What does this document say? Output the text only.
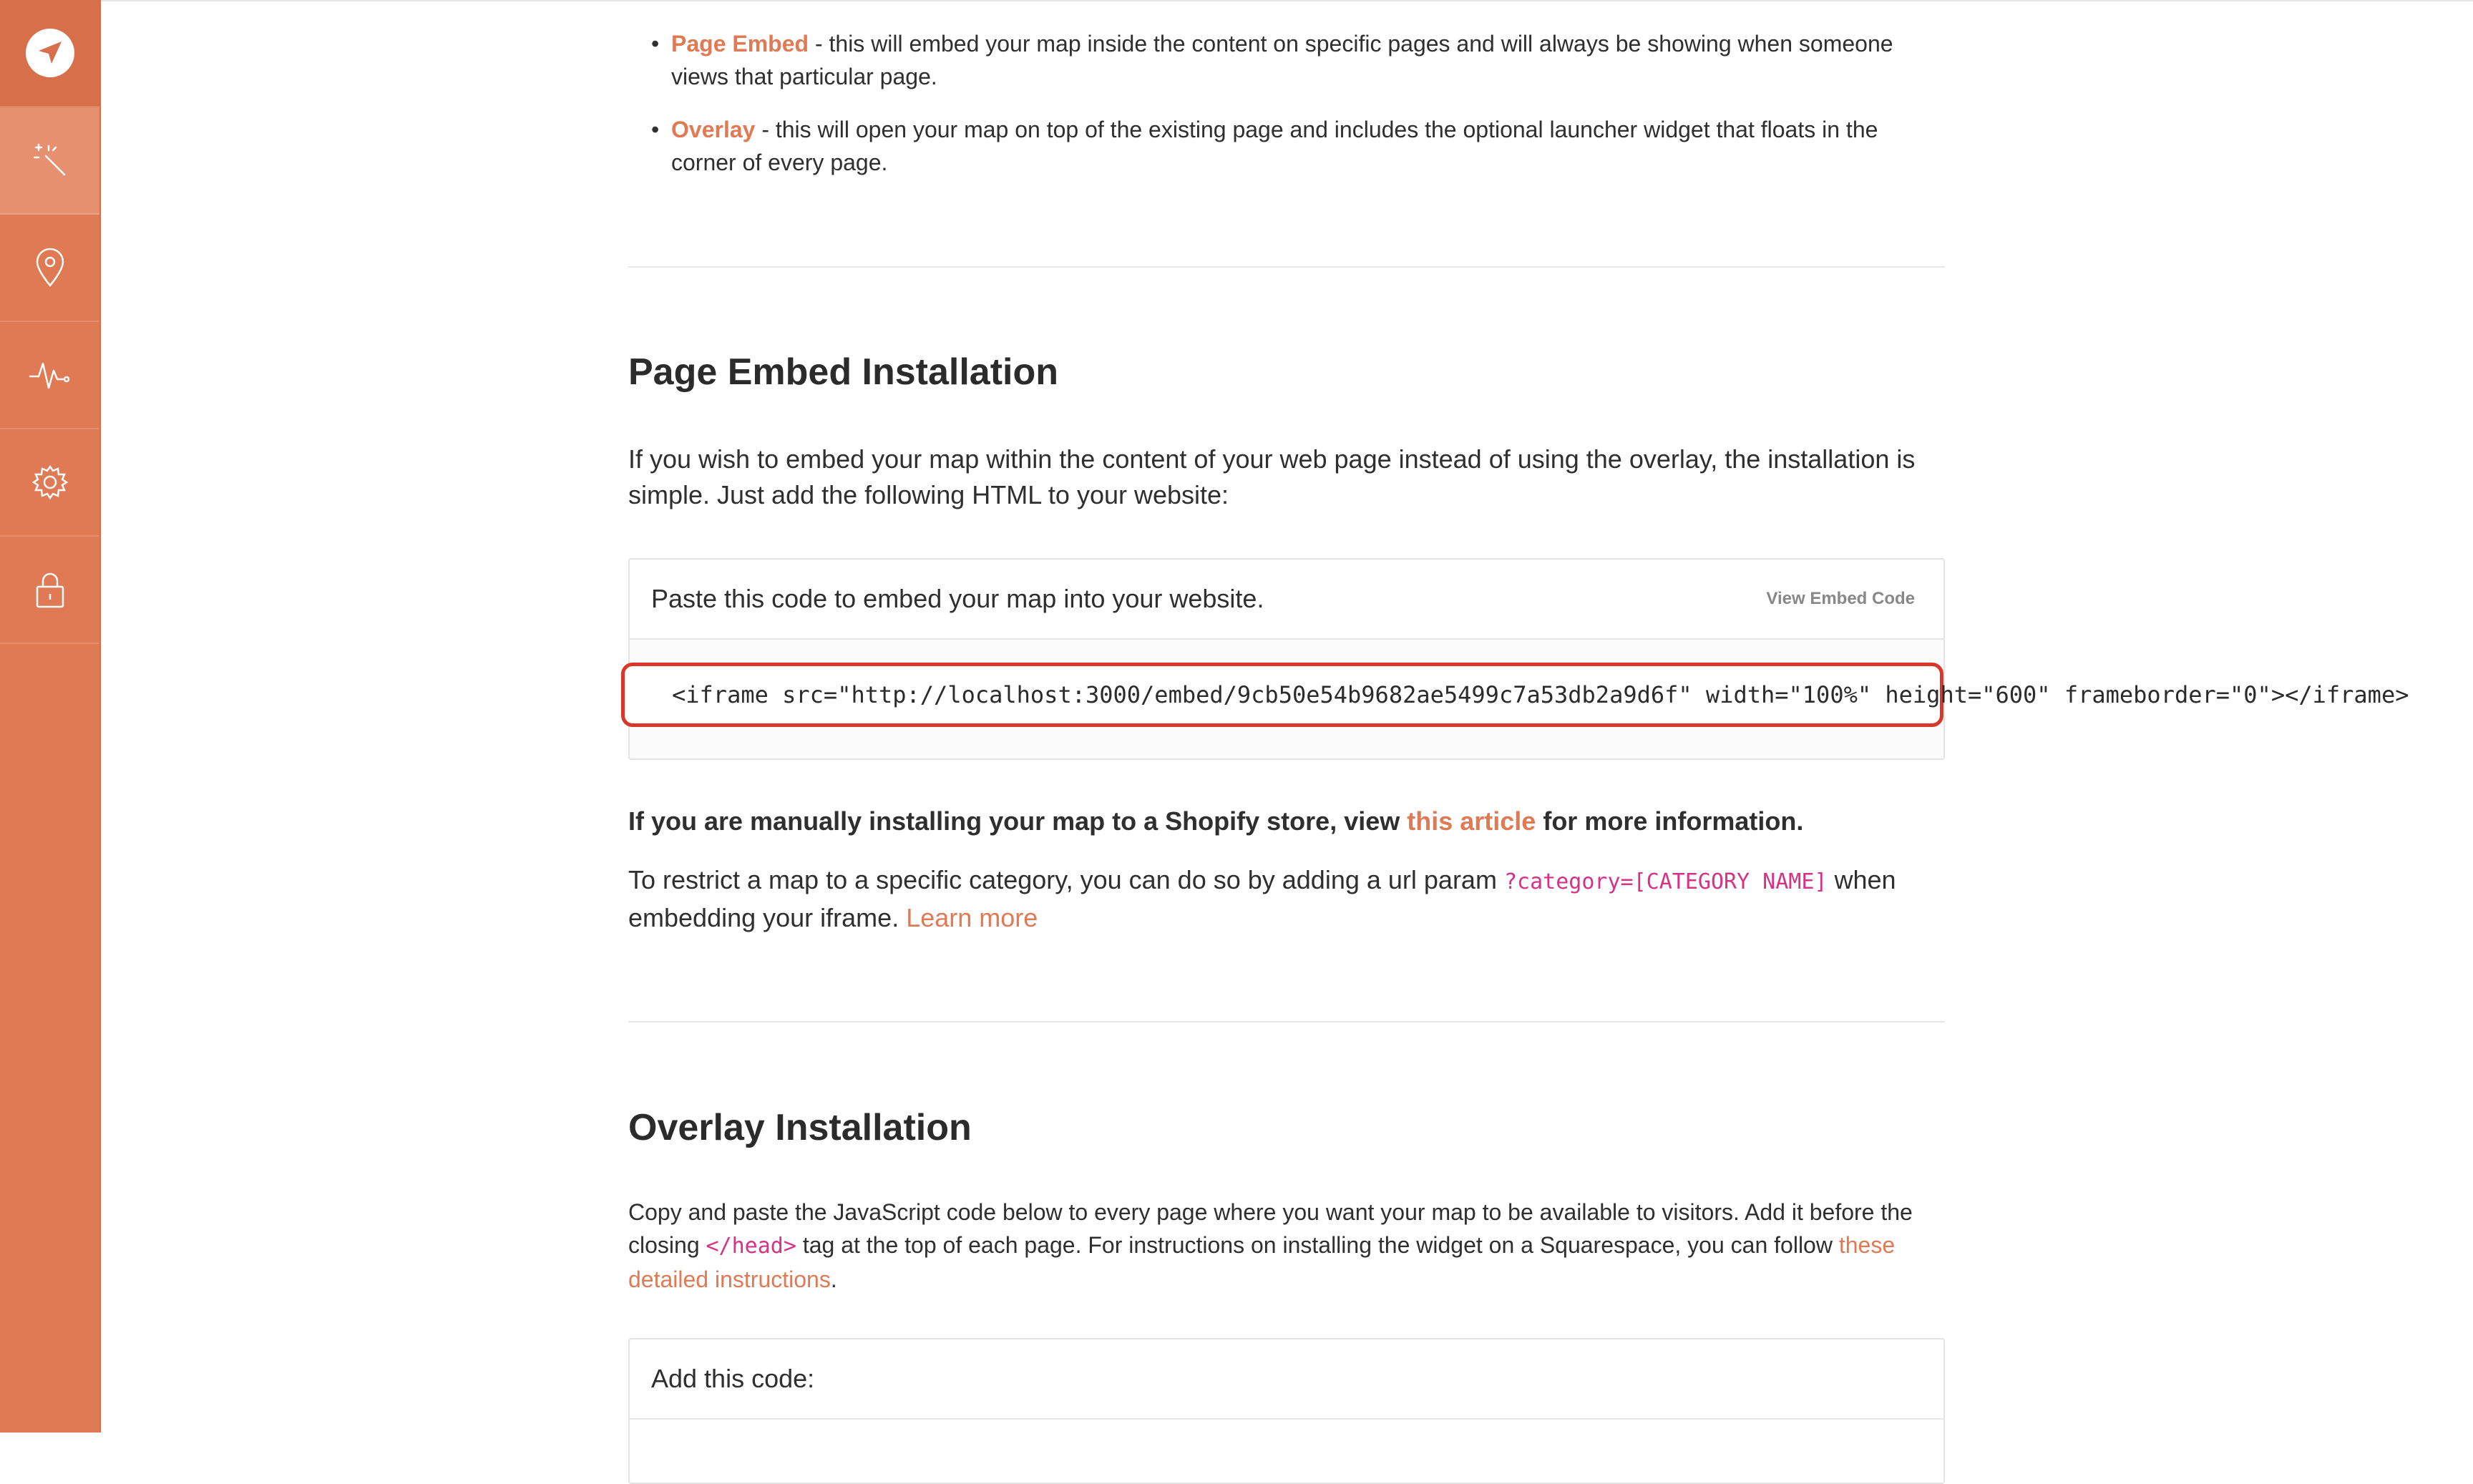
• Page Embed - this will embed your map inside the content on specific pages and will always be showing when someone views that particular page.
• Overlay - this will open your map on top of the existing page and includes the optional launcher widget that floats in the corner of every page.
Page Embed Installation
If you wish to embed your map within the content of your web page instead of using the overlay, the installation is simple. Just add the following HTML to your website:
Paste this code to embed your map into your website.	View Embed Code
<iframe src="http://localhost:3000/embed/9cb50e54b9682ae5499c7a53db2a9d6f" width="100%" height="600" frameborder="0"></iframe>
If you are manually installing your map to a Shopify store, view this article for more information.
To restrict a map to a specific category, you can do so by adding a url param ?category=[CATEGORY NAME] when embedding your iframe. Learn more
Overlay Installation
Copy and paste the JavaScript code below to every page where you want your map to be available to visitors. Add it before the closing </head> tag at the top of each page. For instructions on installing the widget on a Squarespace, you can follow these detailed instructions.
Add this code:
